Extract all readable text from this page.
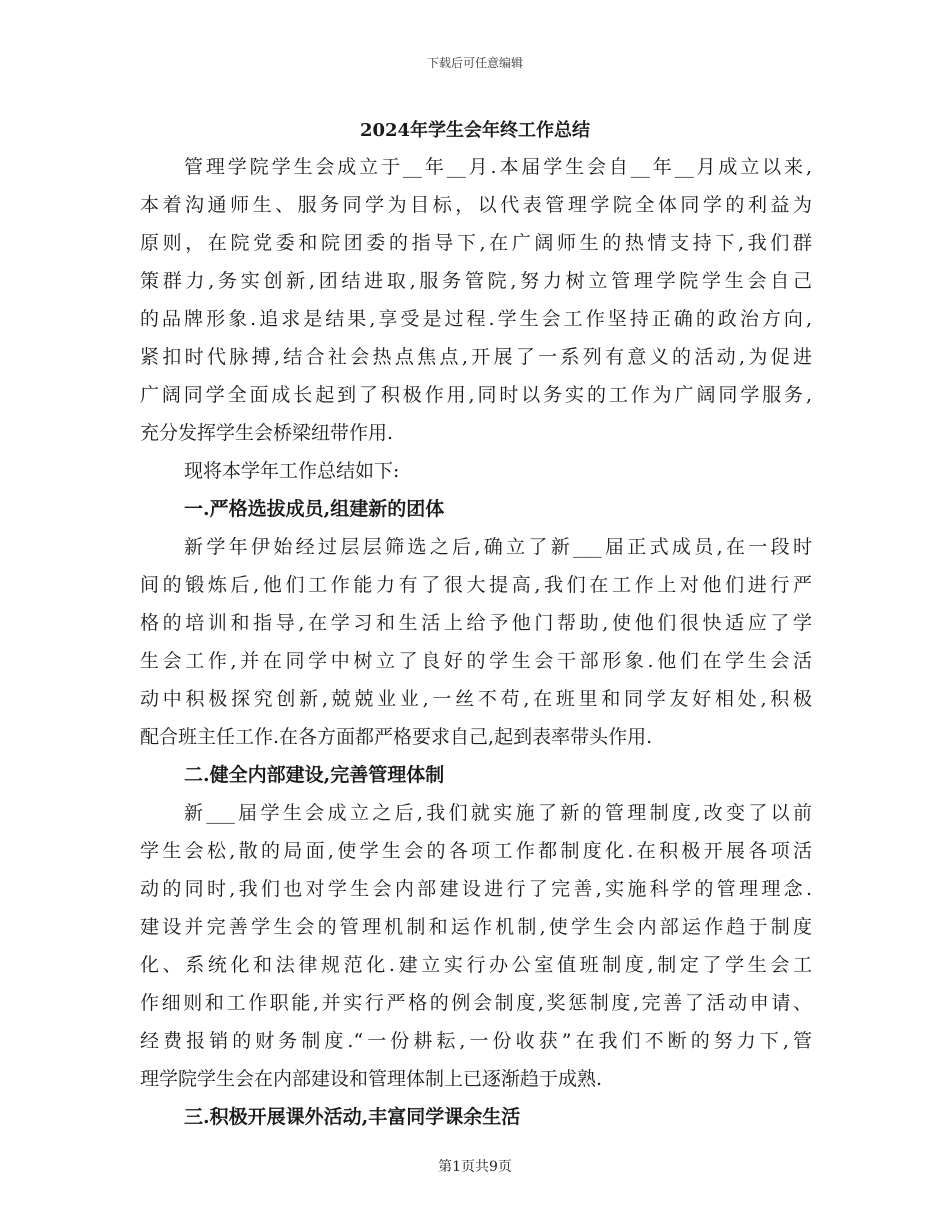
下载后可任意编辑
2024年学生会年终工作总结
管理学院学生会成立于__年__月.本届学生会自__年__月成立以来,
本着沟通师生、服务同学为目标，以代表管理学院全体同学的利益为
原则，在院党委和院团委的指导下,在广阔师生的热情支持下,我们群
策群力,务实创新,团结进取,服务管院,努力树立管理学院学生会自己
的品牌形象.追求是结果,享受是过程.学生会工作坚持正确的政治方向,
紧扣时代脉搏,结合社会热点焦点,开展了一系列有意义的活动,为促进
广阔同学全面成长起到了积极作用,同时以务实的工作为广阔同学服务,
充分发挥学生会桥梁纽带作用.
现将本学年工作总结如下:
一.严格选拔成员,组建新的团体
新学年伊始经过层层筛选之后,确立了新___届正式成员,在一段时
间的锻炼后,他们工作能力有了很大提高,我们在工作上对他们进行严
格的培训和指导,在学习和生活上给予他门帮助,使他们很快适应了学
生会工作,并在同学中树立了良好的学生会干部形象.他们在学生会活
动中积极探究创新,兢兢业业,一丝不苟,在班里和同学友好相处,积极
配合班主任工作.在各方面都严格要求自己,起到表率带头作用.
二.健全内部建设,完善管理体制
新___届学生会成立之后,我们就实施了新的管理制度,改变了以前
学生会松,散的局面,使学生会的各项工作都制度化.在积极开展各项活
动的同时,我们也对学生会内部建设进行了完善,实施科学的管理理念.
建设并完善学生会的管理机制和运作机制,使学生会内部运作趋于制度
化、系统化和法律规范化.建立实行办公室值班制度,制定了学生会工
作细则和工作职能,并实行严格的例会制度,奖惩制度,完善了活动申请、
经费报销的财务制度.“一份耕耘,一份收获”在我们不断的努力下,管
理学院学生会在内部建设和管理体制上已逐渐趋于成熟.
三.积极开展课外活动,丰富同学课余生活
第1页共9页
